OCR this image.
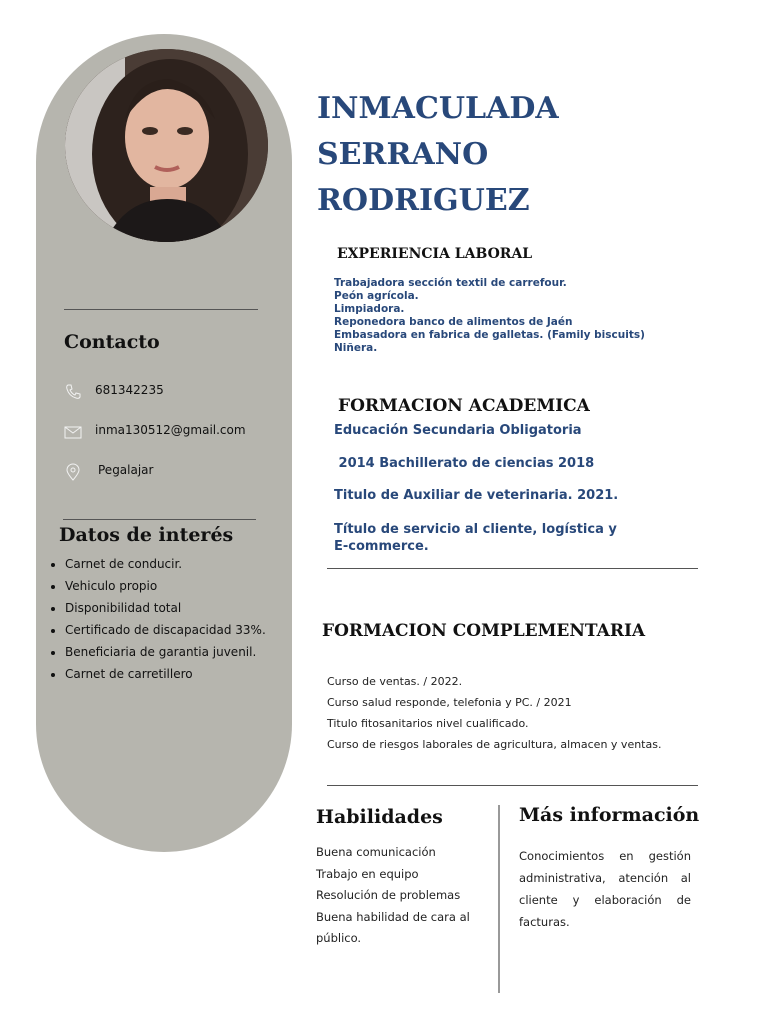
Contacto
681342235
inma130512@gmail.com
Pegalajar
Datos de interés
Carnet de conducir.
Vehiculo propio
Disponibilidad total
Certificado de discapacidad 33%.
Beneficiaria de garantia juvenil.
Carnet de carretillero
INMACULADA
SERRANO
RODRIGUEZ
EXPERIENCIA LABORAL
Trabajadora sección textil de carrefour.
Peón agrícola.
Limpiadora.
Reponedora banco de alimentos de Jaén
Embasadora en fabrica de galletas. (Family biscuits)
Niñera.
FORMACION ACADEMICA
Educación Secundaria Obligatoria
2014 Bachillerato de ciencias 2018
Titulo de Auxiliar de veterinaria. 2021.
Título de servicio al cliente, logística y
E-commerce.
FORMACION COMPLEMENTARIA
Curso de ventas. / 2022.
Curso salud responde, telefonia y PC. / 2021
Titulo fitosanitarios nivel cualificado.
Curso de riesgos laborales de agricultura, almacen y ventas.
Habilidades
Buena comunicación
Trabajo en equipo
Resolución de problemas
Buena habilidad de cara al
público.
Más información

Conocimientos en gestión administrativa, atención al cliente y elaboración de facturas.
